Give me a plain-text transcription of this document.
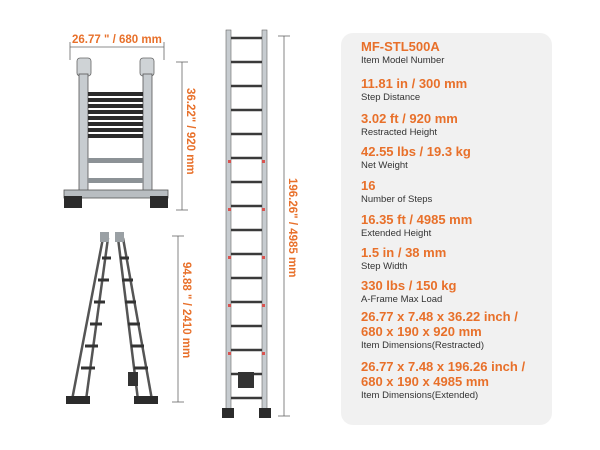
26.77 " / 680 mm
36.22" / 920 mm
94.88 " / 2410 mm
196.26" / 4985 mm
MF-STL500A
Item Model Number
11.81 in / 300 mm
Step Distance
3.02 ft / 920 mm
Restracted Height
42.55 lbs / 19.3 kg
Net Weight
16
Number of Steps
16.35 ft / 4985 mm
Extended Height
1.5 in / 38 mm
Step Width
330 lbs / 150 kg
A-Frame Max Load
26.77 x 7.48 x 36.22 inch /
680 x 190 x 920 mm
Item Dimensions(Restracted)
26.77 x 7.48 x 196.26 inch /
680 x 190 x 4985 mm
Item Dimensions(Extended)
